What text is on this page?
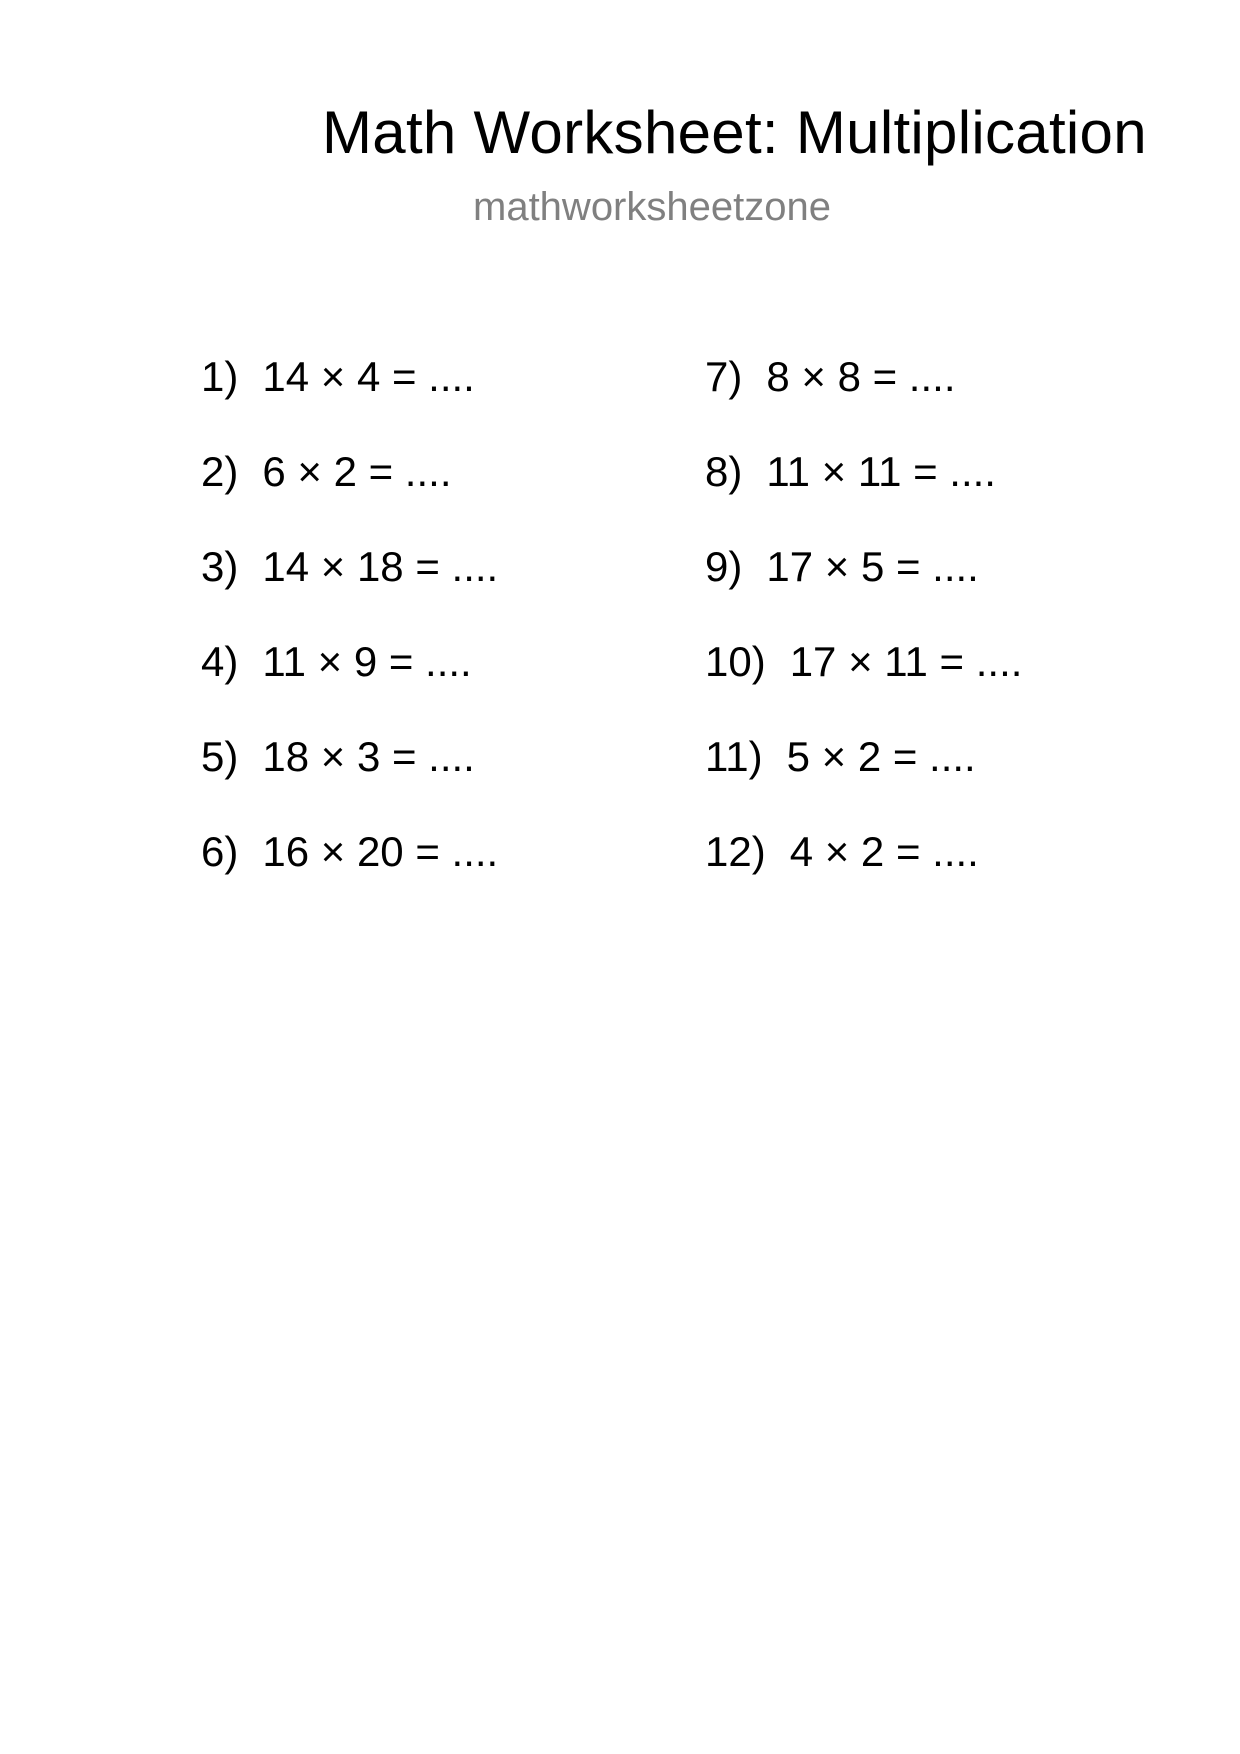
Math Worksheet: Multiplication
mathworksheetzone
1) 14 × 4 = ....
2) 6 × 2 = ....
3) 14 × 18 = ....
4) 11 × 9 = ....
5) 18 × 3 = ....
6) 16 × 20 = ....
7) 8 × 8 = ....
8) 11 × 11 = ....
9) 17 × 5 = ....
10) 17 × 11 = ....
11) 5 × 2 = ....
12) 4 × 2 = ....
